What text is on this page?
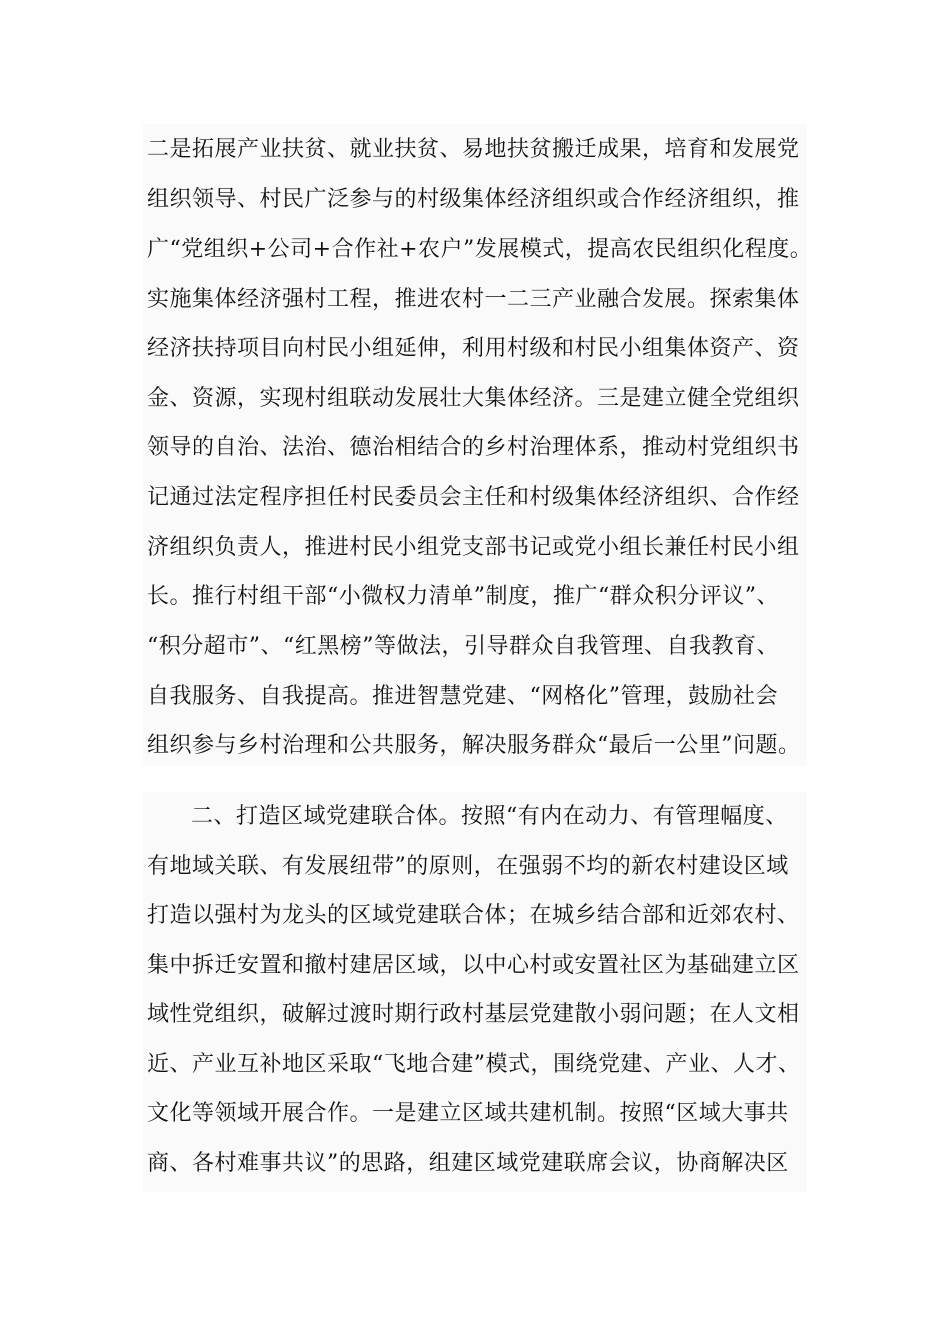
二是拓展产业扶贫、就业扶贫、易地扶贫搬迁成果，培育和发展党
组织领导、村民广泛参与的村级集体经济组织或合作经济组织，推
广“党组织+公司+合作社+农户”发展模式，提高农民组织化程度。
实施集体经济强村工程，推进农村一二三产业融合发展。探索集体
经济扶持项目向村民小组延伸，利用村级和村民小组集体资产、资
金、资源，实现村组联动发展壮大集体经济。三是建立健全党组织
领导的自治、法治、德治相结合的乡村治理体系，推动村党组织书
记通过法定程序担任村民委员会主任和村级集体经济组织、合作经
济组织负责人，推进村民小组党支部书记或党小组长兼任村民小组
长。推行村组干部“小微权力清单”制度，推广“群众积分评议”、
“积分超市”、“红黑榜”等做法，引导群众自我管理、自我教育、
自我服务、自我提高。推进智慧党建、“网格化”管理，鼓励社会
组织参与乡村治理和公共服务，解决服务群众“最后一公里”问题。
二、打造区域党建联合体。按照“有内在动力、有管理幅度、
有地域关联、有发展纽带”的原则，在强弱不均的新农村建设区域
打造以强村为龙头的区域党建联合体；在城乡结合部和近郊农村、
集中拆迁安置和撤村建居区域，以中心村或安置社区为基础建立区
域性党组织，破解过渡时期行政村基层党建散小弱问题；在人文相
近、产业互补地区采取“飞地合建”模式，围绕党建、产业、人才、
文化等领域开展合作。一是建立区域共建机制。按照“区域大事共
商、各村难事共议”的思路，组建区域党建联席会议，协商解决区
